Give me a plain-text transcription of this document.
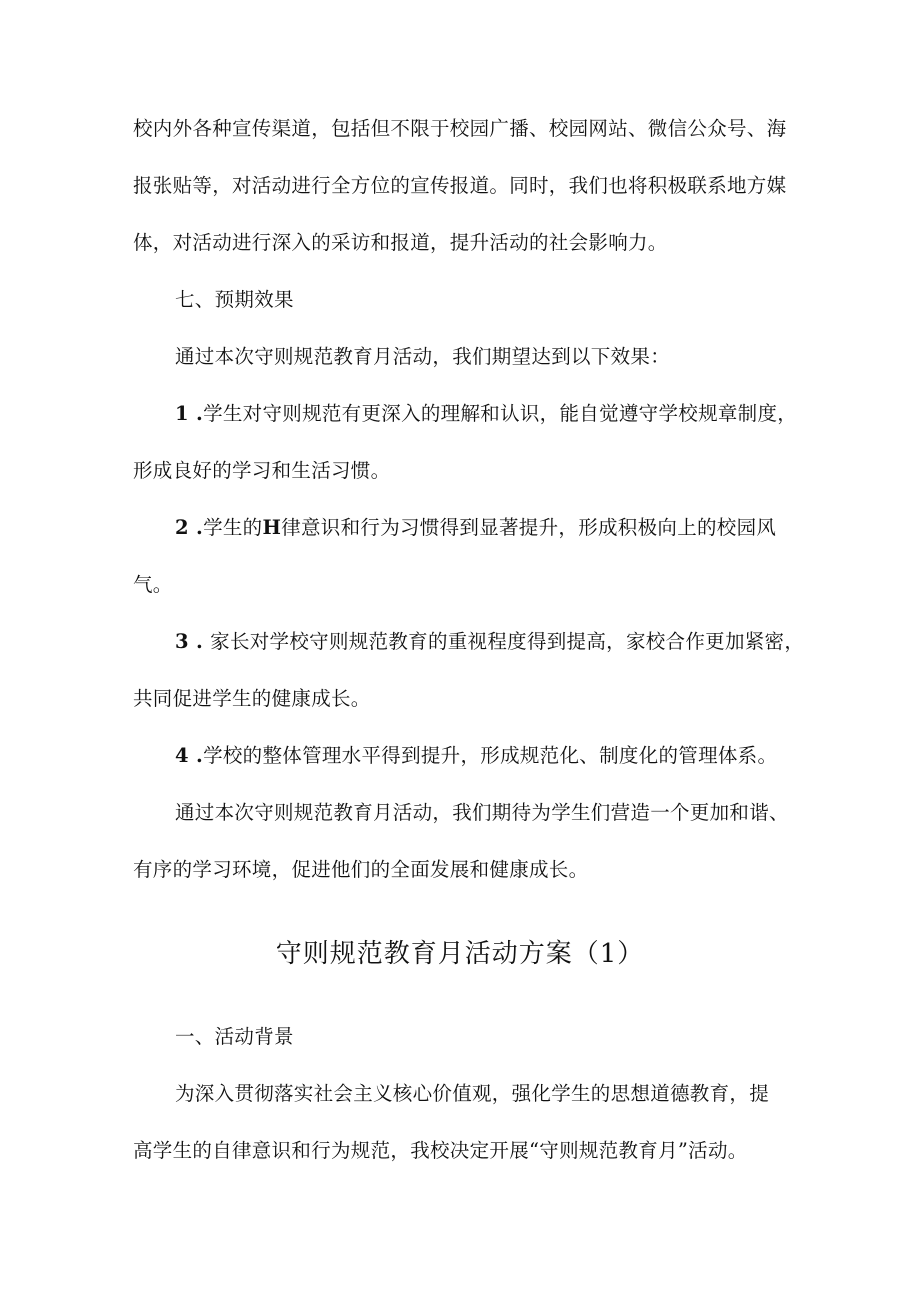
校内外各种宣传渠道，包括但不限于校园广播、校园网站、微信公众号、海
报张贴等，对活动进行全方位的宣传报道。同时，我们也将积极联系地方媒
体，对活动进行深入的采访和报道，提升活动的社会影响力。

七、预期效果

通过本次守则规范教育月活动，我们期望达到以下效果：

1 .学生对守则规范有更深入的理解和认识，能自觉遵守学校规章制度，
形成良好的学习和生活习惯。

2 .学生的H律意识和行为习惯得到显著提升，形成积极向上的校园风
气。

3 . 家长对学校守则规范教育的重视程度得到提高，家校合作更加紧密，
共同促进学生的健康成长。

4 .学校的整体管理水平得到提升，形成规范化、制度化的管理体系。

通过本次守则规范教育月活动，我们期待为学生们营造一个更加和谐、
有序的学习环境，促进他们的全面发展和健康成长。

守则规范教育月活动方案（1）

一、活动背景

为深入贯彻落实社会主义核心价值观，强化学生的思想道德教育，提
高学生的自律意识和行为规范，我校决定开展“守则规范教育月”活动。
